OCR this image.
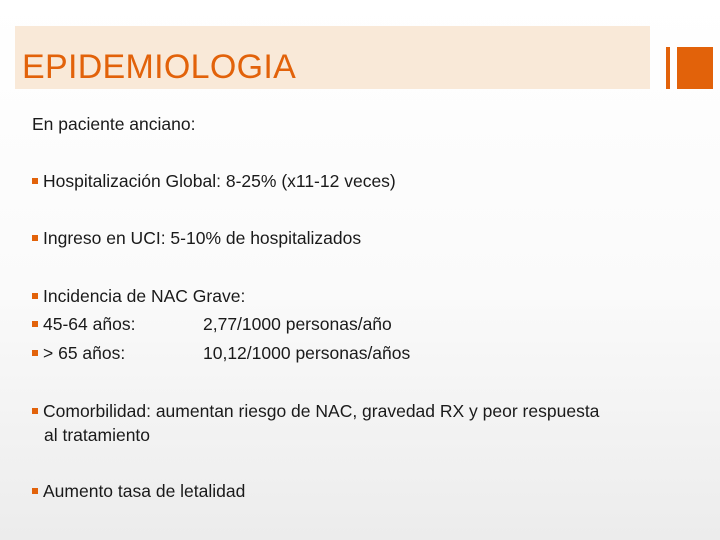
EPIDEMIOLOGIA
En paciente anciano:
Hospitalización Global: 8-25% (x11-12 veces)
Ingreso en UCI: 5-10% de hospitalizados
Incidencia de NAC Grave:
45-64 años:	2,77/1000 personas/año
> 65 años:	10,12/1000 personas/años
Comorbilidad: aumentan riesgo de NAC, gravedad RX y peor respuesta
al tratamiento
Aumento tasa de letalidad
